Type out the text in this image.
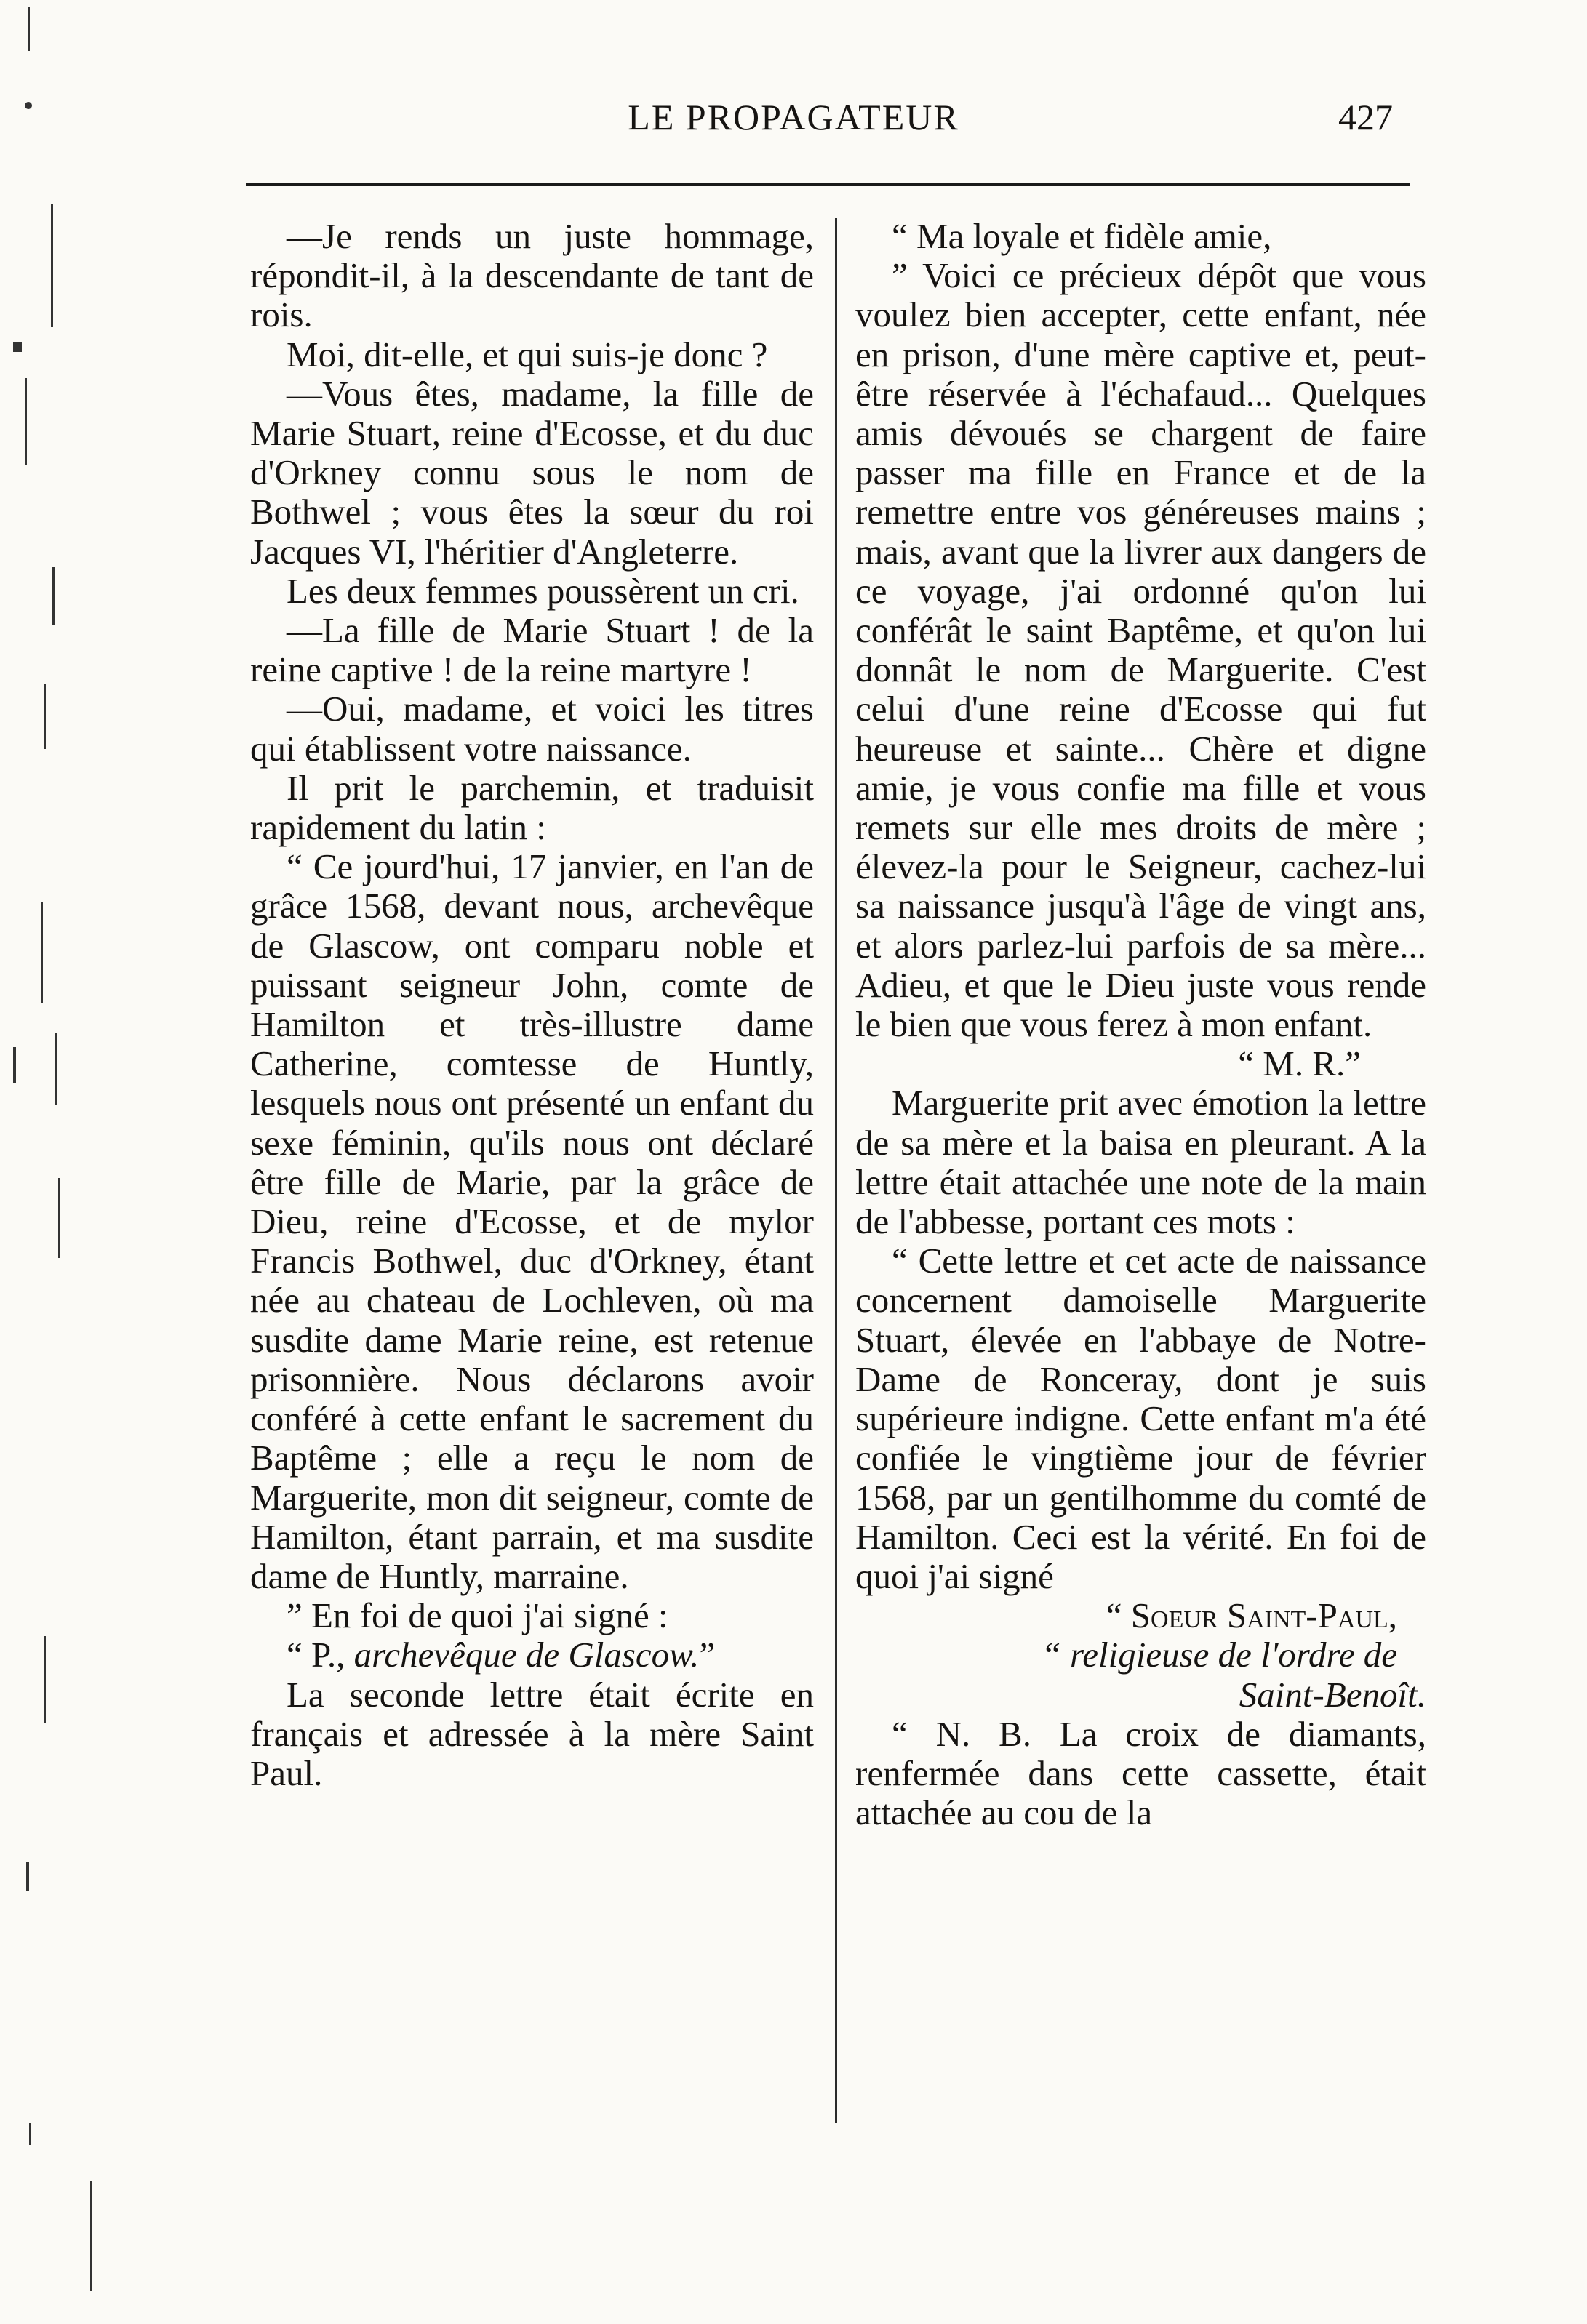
LE PROPAGATEUR	427

—Je rends un juste hommage, répondit-il, à la descendante de tant de rois.

Moi, dit-elle, et qui suis-je donc ?

—Vous êtes, madame, la fille de Marie Stuart, reine d'Ecosse, et du duc d'Orkney connu sous le nom de Bothwel ; vous êtes la sœur du roi Jacques VI, l'héritier d'Angleterre.

Les deux femmes poussèrent un cri.

—La fille de Marie Stuart ! de la reine captive ! de la reine martyre !

—Oui, madame, et voici les titres qui établissent votre naissance.

Il prit le parchemin, et traduisit rapidement du latin :

“ Ce jourd'hui, 17 janvier, en l'an de grâce 1568, devant nous, archevêque de Glascow, ont comparu noble et puissant seigneur John, comte de Hamilton et très-illustre dame Catherine, comtesse de Huntly, lesquels nous ont présenté un enfant du sexe féminin, qu'ils nous ont déclaré être fille de Marie, par la grâce de Dieu, reine d'Ecosse, et de mylor Francis Bothwel, duc d'Orkney, étant née au chateau de Lochleven, où ma susdite dame Marie reine, est retenue prisonnière. Nous déclarons avoir conféré à cette enfant le sacrement du Baptême ; elle a reçu le nom de Marguerite, mon dit seigneur, comte de Hamilton, étant parrain, et ma susdite dame de Huntly, marraine.

” En foi de quoi j'ai signé :

“ P., archevêque de Glascow.”

La seconde lettre était écrite en français et adressée à la mère Saint Paul.

“ Ma loyale et fidèle amie,

” Voici ce précieux dépôt que vous voulez bien accepter, cette enfant, née en prison, d'une mère captive et, peut-être réservée à l'échafaud... Quelques amis dévoués se chargent de faire passer ma fille en France et de la remettre entre vos généreuses mains ; mais, avant que la livrer aux dangers de ce voyage, j'ai ordonné qu'on lui conférât le saint Baptême, et qu'on lui donnât le nom de Marguerite. C'est celui d'une reine d'Ecosse qui fut heureuse et sainte... Chère et digne amie, je vous confie ma fille et vous remets sur elle mes droits de mère ; élevez-la pour le Seigneur, cachez-lui sa naissance jusqu'à l'âge de vingt ans, et alors parlez-lui parfois de sa mère... Adieu, et que le Dieu juste vous rende le bien que vous ferez à mon enfant.

“ M. R.”

Marguerite prit avec émotion la lettre de sa mère et la baisa en pleurant. A la lettre était attachée une note de la main de l'abbesse, portant ces mots :

“ Cette lettre et cet acte de naissance concernent damoiselle Marguerite Stuart, élevée en l'abbaye de Notre-Dame de Ronceray, dont je suis supérieure indigne. Cette enfant m'a été confiée le vingtième jour de février 1568, par un gentilhomme du comté de Hamilton. Ceci est la vérité. En foi de quoi j'ai signé

“ Soeur Saint-Paul,

“ religieuse de l'ordre de

Saint-Benoît.

“ N. B. La croix de diamants, renfermée dans cette cassette, était attachée au cou de la
